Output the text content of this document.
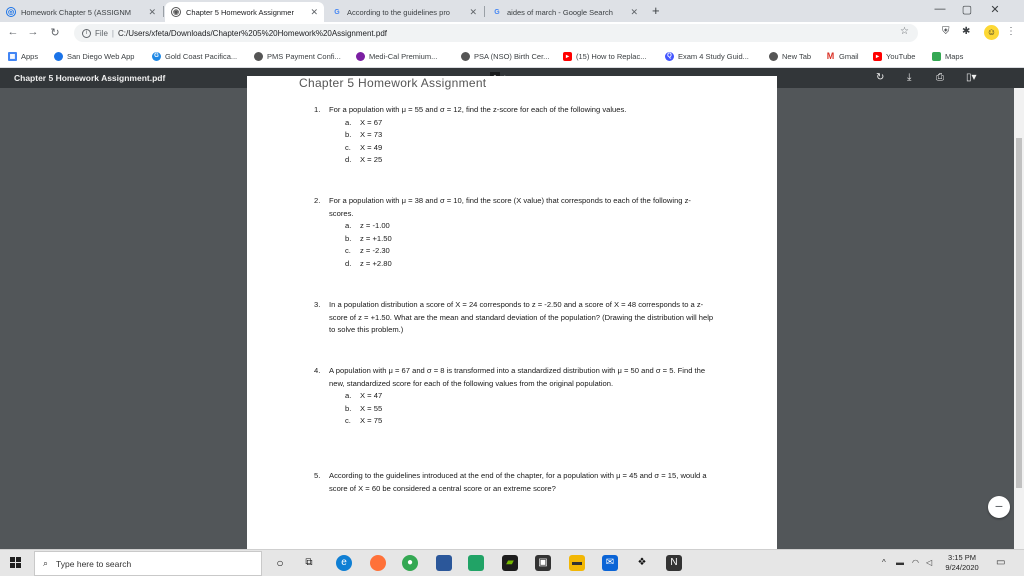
◎ Homework Chapter 5 (ASSIGNM	✕ ◉ Chapter 5 Homework Assignmer	✕	G According to the guidelines pro	✕	G aides of march - Google Search	✕ +	—	▢	✕
← → ↻	i File | C:/Users/xfeta/Downloads/Chapter%205%20Homework%20Assignment.pdf	☆	⛨ ✱	☺ ⋮
▦ Apps	San Diego Web App	G Gold Coast Pacifica...	PMS Payment Confi...	Medi-Cal Premium...	PSA (NSO) Birth Cer...	▸ (15) How to Replac...	Q Exam 4 Study Guid...	New Tab M Gmail	▸ YouTube	Maps
Chapter 5 Homework Assignment.pdf	↻ ⤓ ⎙ ▯▾
Chapter 5 Homework Assignment
1. For a population with μ = 55 and σ = 12, find the z-score for each of the following values.
a.	X = 67
b.	X = 73
c.	X = 49
d.	X = 25
2. For a population with μ = 38 and σ = 10, find the score (X value) that corresponds to each of the following z-scores.
a.	z = -1.00
b.	z = +1.50
c.	z = -2.30
d.	z = +2.80
3. In a population distribution a score of X = 24 corresponds to z = -2.50 and a score of X = 48 corresponds to a z-score of z = +1.50. What are the mean and standard deviation of the population? (Drawing the distribution will help to solve this problem.)
4. A population with μ = 67 and σ = 8 is transformed into a standardized distribution with μ = 50 and σ = 5. Find the new, standardized score for each of the following values from the original population.
a.	X = 47
b.	X = 55
c.	X = 75
5. According to the guidelines introduced at the end of the chapter, for a population with μ = 45 and σ = 15, would a score of X = 60 be considered a central score or an extreme score?
−
⌕ Type here to search	○	⧉	e	●	▰	▣	▬	✉	❖	N	^ ▬ ◠ ◁
3:15 PM
9/24/2020	▭
